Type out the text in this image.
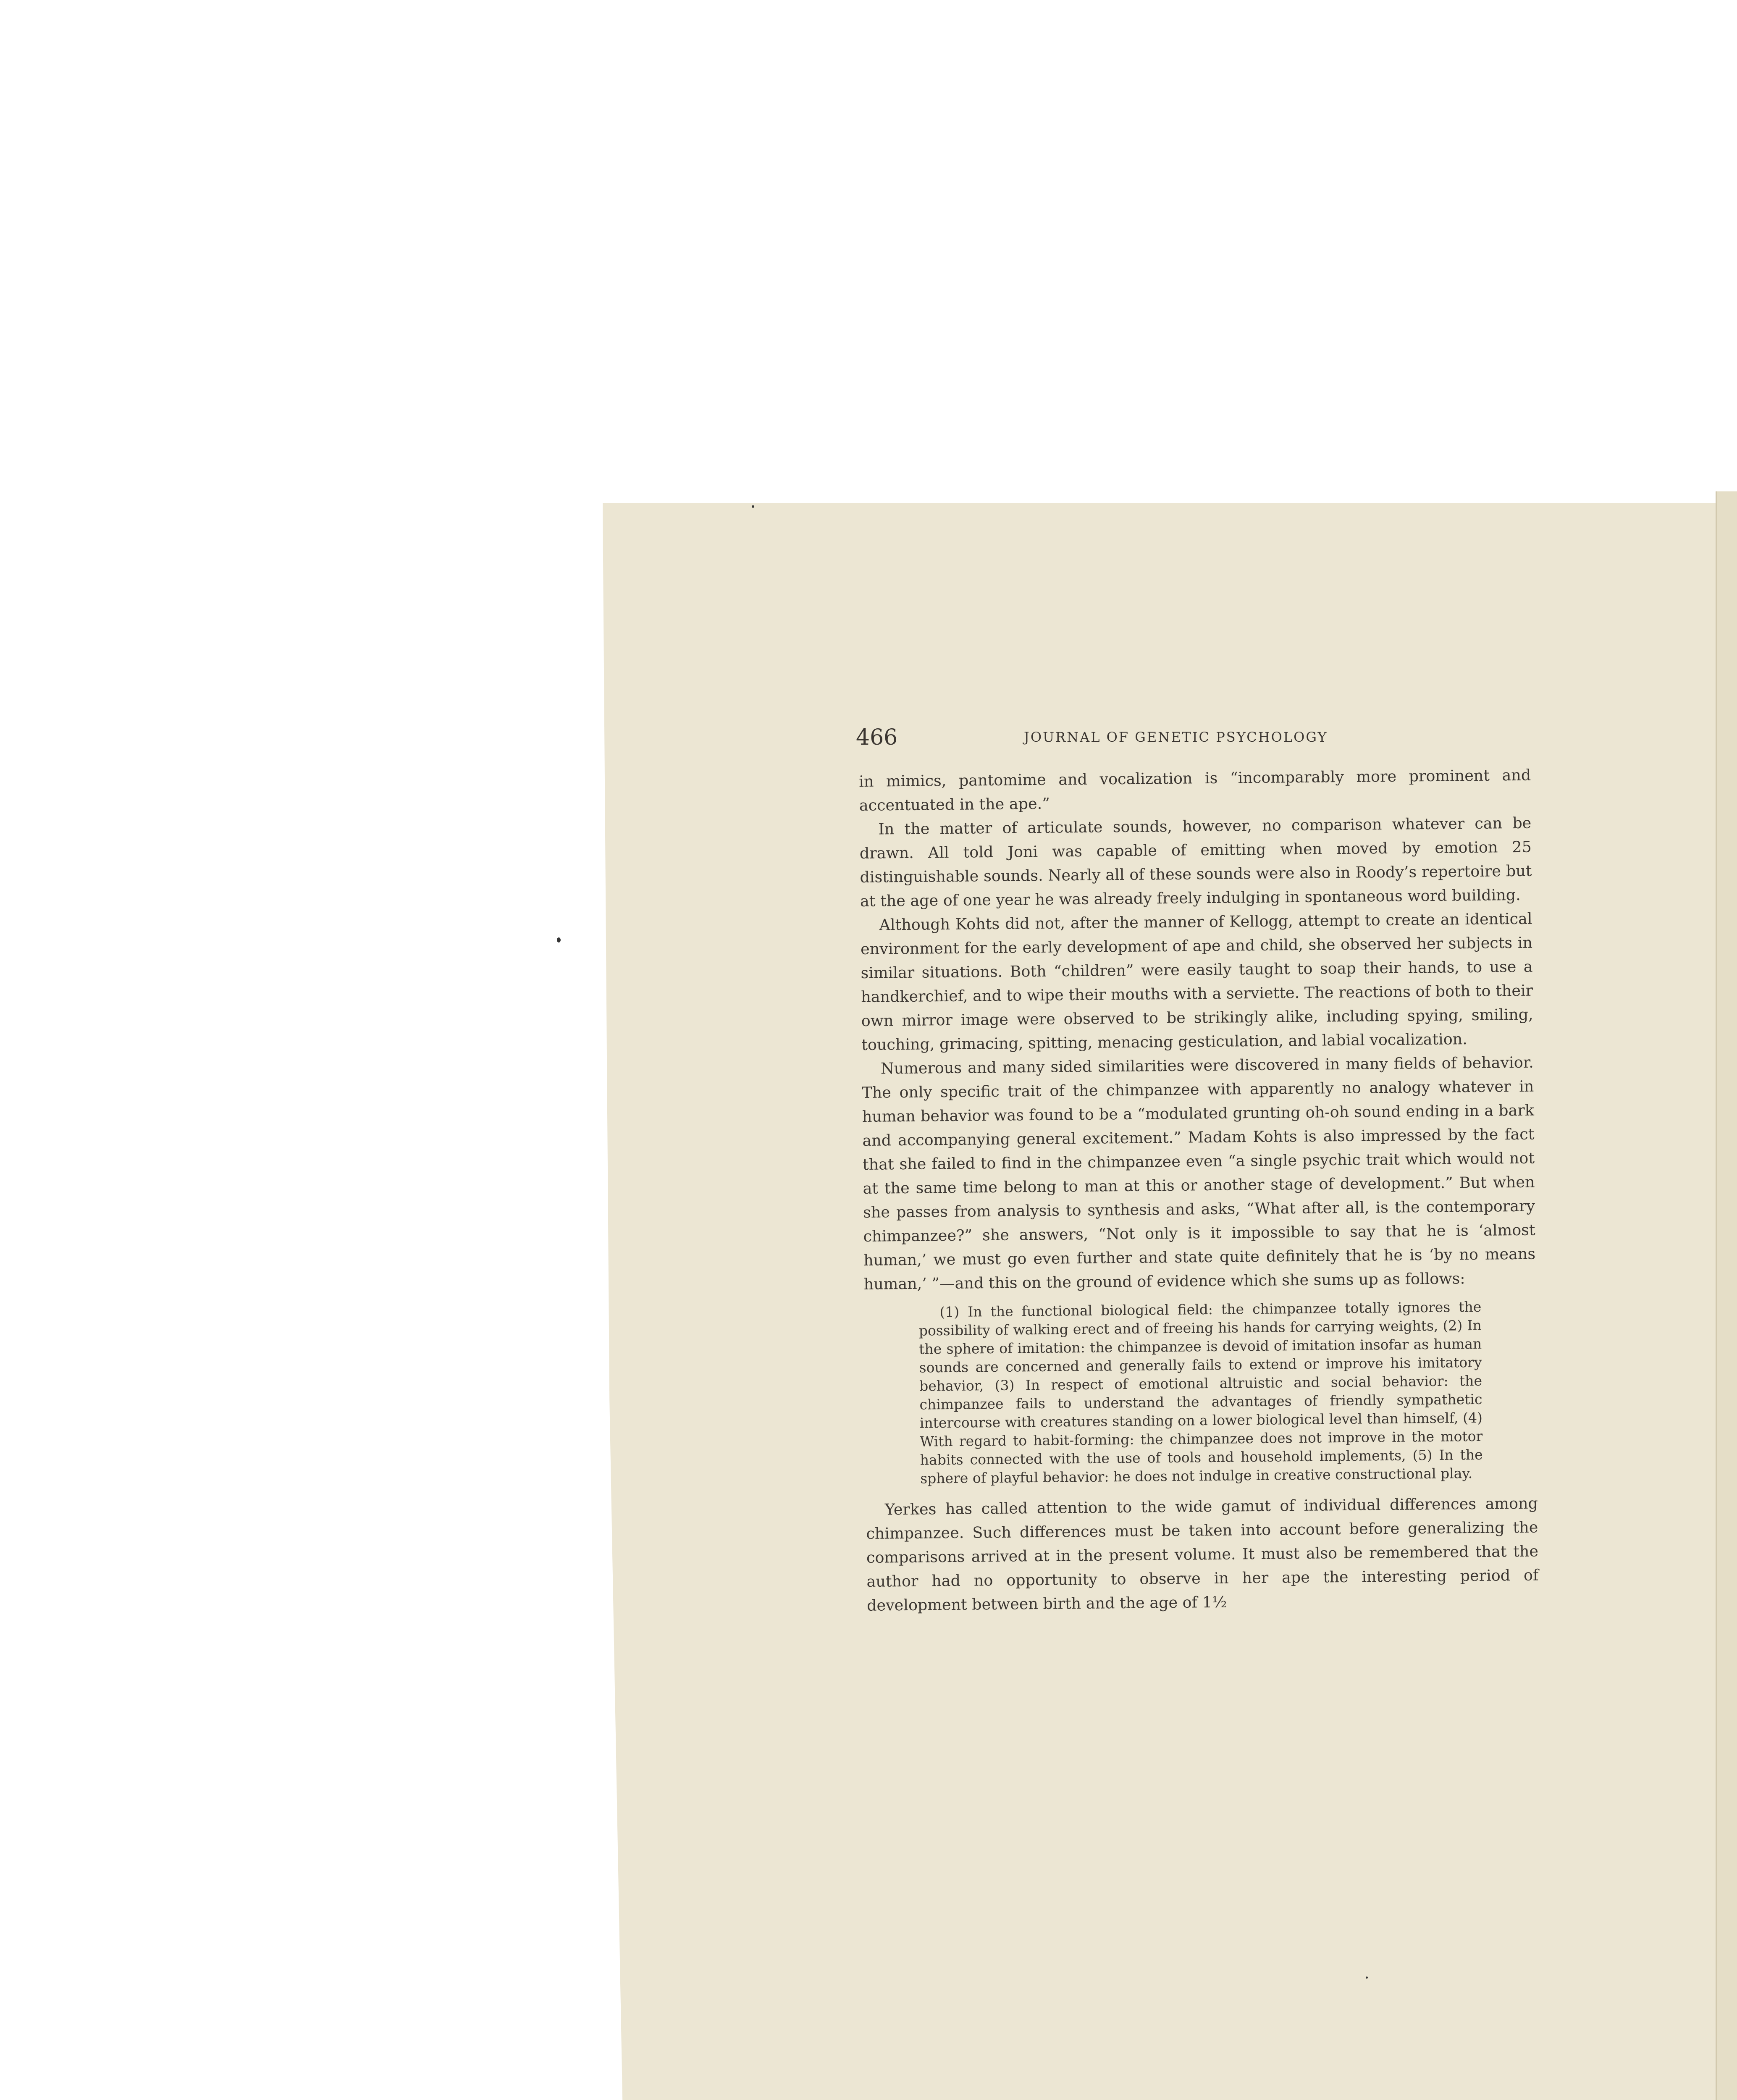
466	JOURNAL OF GENETIC PSYCHOLOGY

in mimics, pantomime and vocalization is “incomparably more prominent and accentuated in the ape.”

In the matter of articulate sounds, however, no comparison whatever can be drawn. All told Joni was capable of emitting when moved by emotion 25 distinguishable sounds. Nearly all of these sounds were also in Roody’s repertoire but at the age of one year he was already freely indulging in spontaneous word building.

Although Kohts did not, after the manner of Kellogg, attempt to create an identical environment for the early development of ape and child, she observed her subjects in similar situations. Both “children” were easily taught to soap their hands, to use a handkerchief, and to wipe their mouths with a serviette. The reactions of both to their own mirror image were observed to be strikingly alike, including spying, smiling, touching, grimacing, spitting, menacing gesticulation, and labial vocalization.

Numerous and many sided similarities were discovered in many fields of behavior. The only specific trait of the chimpanzee with apparently no analogy whatever in human behavior was found to be a “modulated grunting oh-oh sound ending in a bark and accompanying general excitement.” Madam Kohts is also impressed by the fact that she failed to find in the chimpanzee even “a single psychic trait which would not at the same time belong to man at this or another stage of development.” But when she passes from analysis to synthesis and asks, “What after all, is the contemporary chimpanzee?” she answers, “Not only is it impossible to say that he is ‘almost human,’ we must go even further and state quite definitely that he is ‘by no means human,’ ”—and this on the ground of evidence which she sums up as follows:

(1) In the functional biological field: the chimpanzee totally ignores the possibility of walking erect and of freeing his hands for carrying weights, (2) In the sphere of imitation: the chimpanzee is devoid of imitation insofar as human sounds are concerned and generally fails to extend or improve his imitatory behavior, (3) In respect of emotional altruistic and social behavior: the chimpanzee fails to understand the advantages of friendly sympathetic intercourse with creatures standing on a lower biological level than himself, (4) With regard to habit-forming: the chimpanzee does not improve in the motor habits connected with the use of tools and household implements, (5) In the sphere of playful behavior: he does not indulge in creative constructional play.

Yerkes has called attention to the wide gamut of individual differences among chimpanzee. Such differences must be taken into account before generalizing the comparisons arrived at in the present volume. It must also be remembered that the author had no opportunity to observe in her ape the interesting period of development between birth and the age of 1½
